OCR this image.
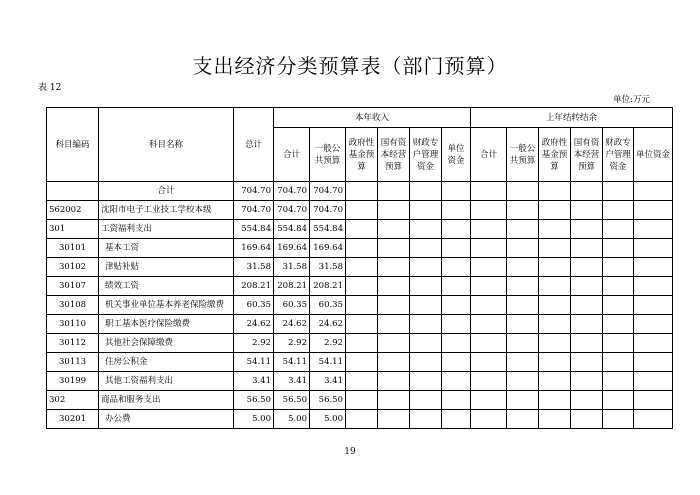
支出经济分类预算表（部门预算）
表 12
单位:万元
科目编码	科目名称	总计	本年收入						上年结转结余					
			合计	一般公共预算	政府性基金预算	国有资本经营预算	财政专户管理资金	单位资金	合计	一般公共预算	政府性基金预算	国有资本经营预算	财政专户管理资金	单位资金
	合计	704.70	704.70	704.70										
562002	沈阳市电子工业技工学校本级	704.70	704.70	704.70										
301	工资福利支出	554.84	554.84	554.84										
30101	基本工资	169.64	169.64	169.64										
30102	津贴补贴	31.58	31.58	31.58										
30107	绩效工资	208.21	208.21	208.21										
30108	机关事业单位基本养老保险缴费	60.35	60.35	60.35										
30110	职工基本医疗保险缴费	24.62	24.62	24.62										
30112	其他社会保障缴费	2.92	2.92	2.92										
30113	住房公积金	54.11	54.11	54.11										
30199	其他工资福利支出	3.41	3.41	3.41										
302	商品和服务支出	56.50	56.50	56.50										
30201	办公费	5.00	5.00	5.00										
19
